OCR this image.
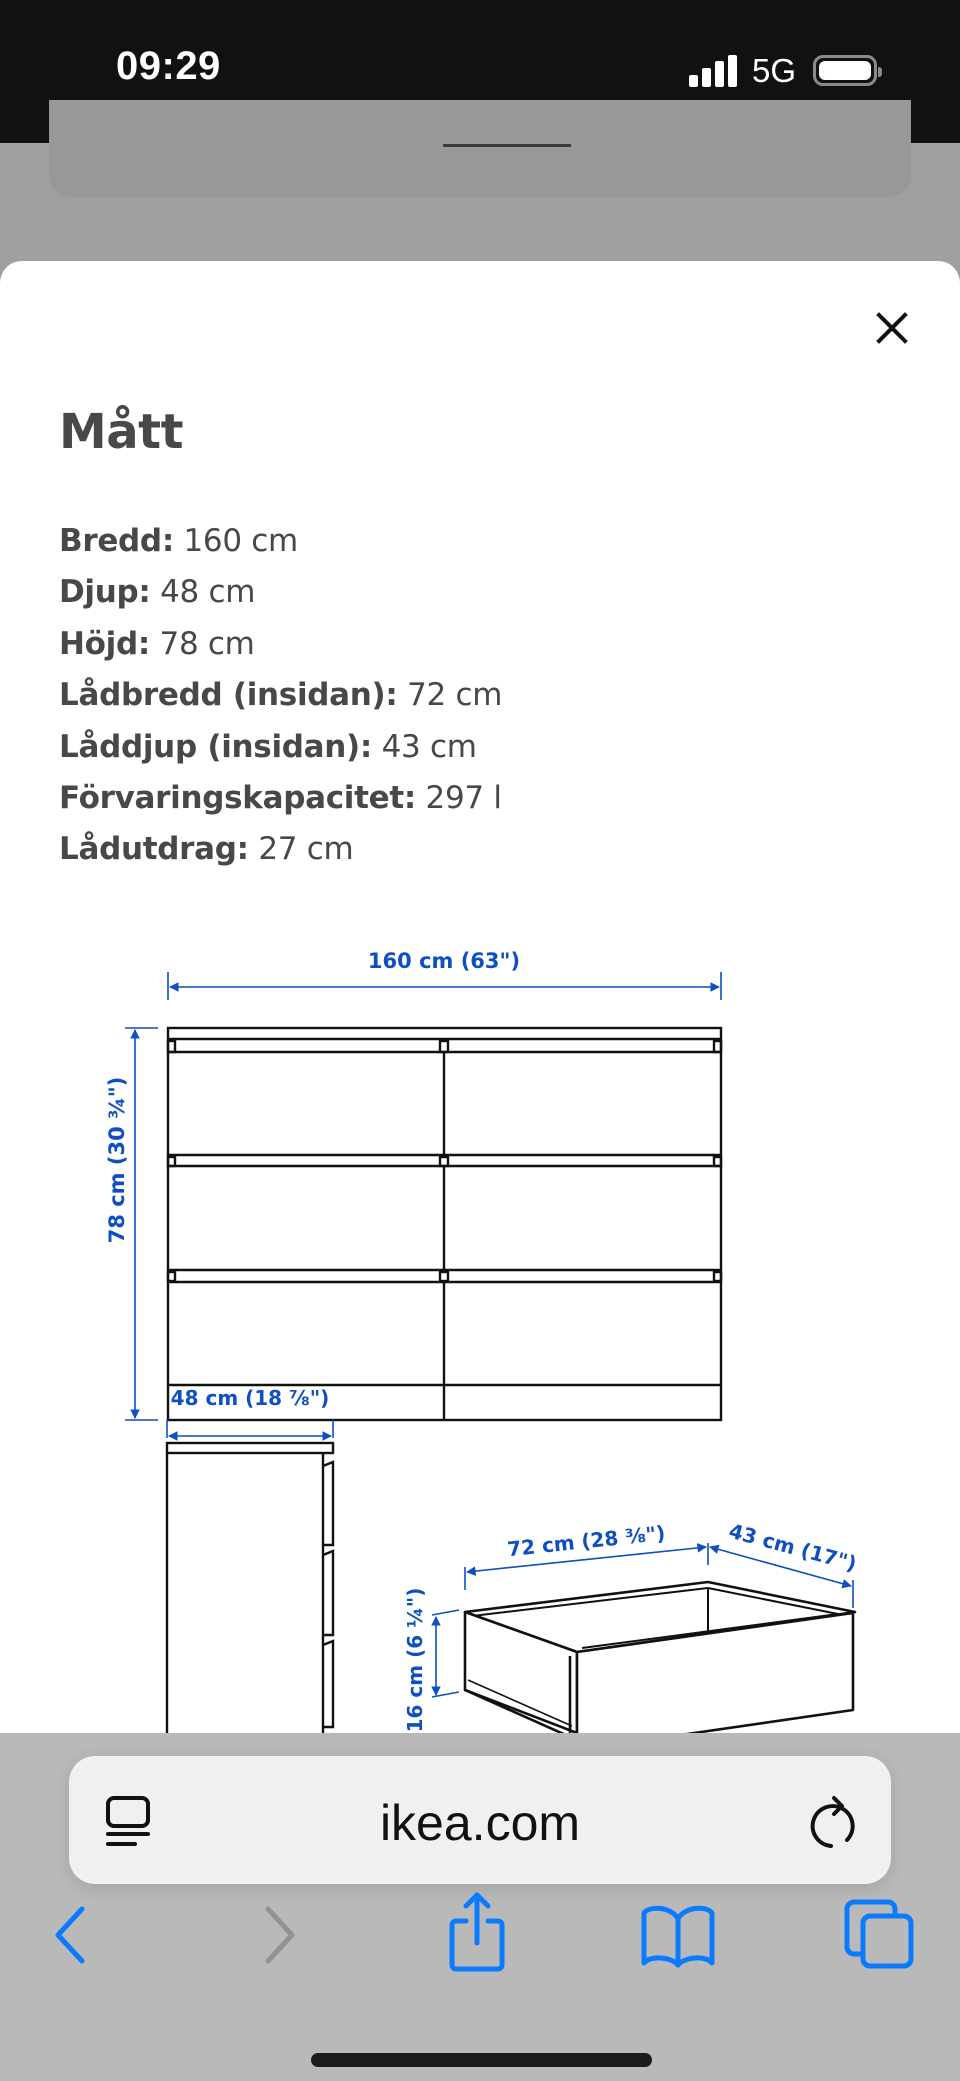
09:29	5G
Mått
Bredd: 160 cm
Djup: 48 cm
Höjd: 78 cm
Lådbredd (insidan): 72 cm
Låddjup (insidan): 43 cm
Förvaringskapacitet: 297 l
Lådutdrag: 27 cm
160 cm (63")
78 cm (30 ¾")
48 cm (18 ⅞")
72 cm (28 ⅜")	43 cm (17")
16 cm (6 ¼")
ikea.com
